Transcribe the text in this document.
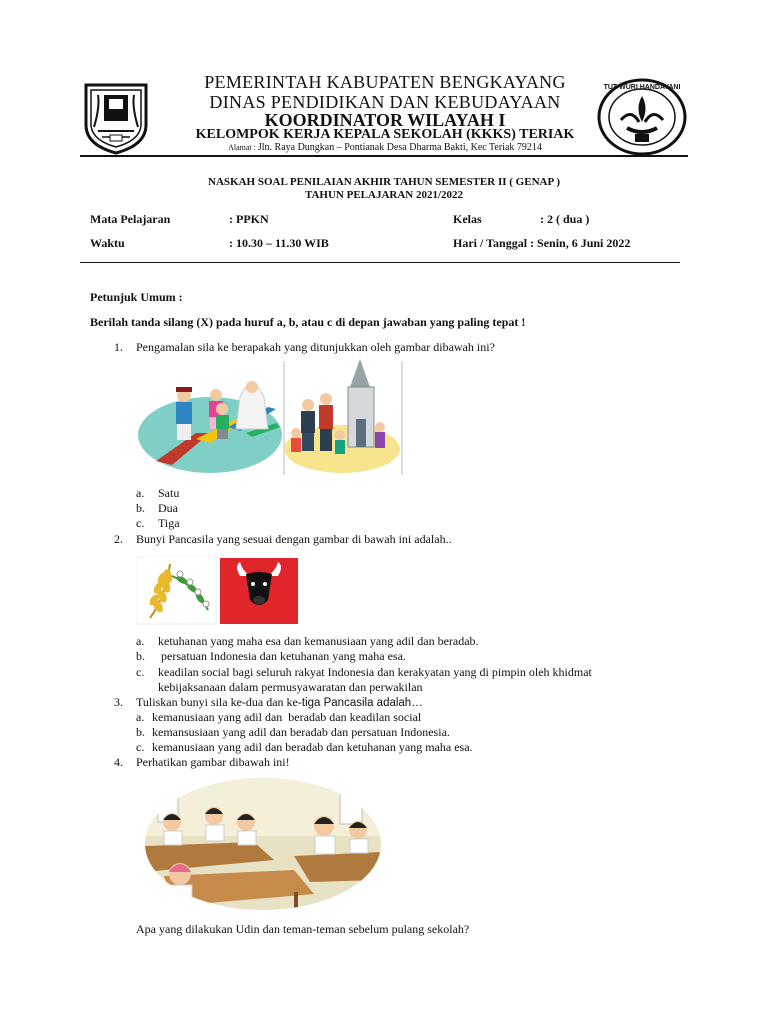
TUT WURI HANDAYANI
PEMERINTAH KABUPATEN BENGKAYANG
DINAS PENDIDIKAN DAN KEBUDAYAAN
KOORDINATOR WILAYAH I
KELOMPOK KERJA KEPALA SEKOLAH (KKKS) TERIAK
Alamat : Jln. Raya Dungkan – Pontianak Desa Dharma Bakti, Kec Teriak 79214
NASKAH SOAL PENILAIAN AKHIR TAHUN SEMESTER II ( GENAP )
TAHUN PELAJARAN 2021/2022
Mata Pelajaran	: PPKN	Kelas	: 2 ( dua )
Waktu	: 10.30 – 11.30 WIB	Hari / Tanggal : Senin, 6 Juni 2022
Petunjuk Umum :
Berilah tanda silang (X) pada huruf a, b, atau c di depan jawaban yang paling tepat !
1. Pengamalan sila ke berapakah yang ditunjukkan oleh gambar dibawah ini?
a. Satu
b. Dua
c. Tiga
2. Bunyi Pancasila yang sesuai dengan gambar di bawah ini adalah..
a. ketuhanan yang maha esa dan kemanusiaan yang adil dan beradab.
b. persatuan Indonesia dan ketuhanan yang maha esa.
c. keadilan social bagi seluruh rakyat Indonesia dan kerakyatan yang di pimpin oleh khidmat
kebijaksanaan dalam permusyawaratan dan perwakilan
3. Tuliskan bunyi sila ke-dua dan ke-tiga Pancasila adalah…
a. kemanusiaan yang adil dan  beradab dan keadilan social
b. kemansusiaan yang adil dan beradab dan persatuan Indonesia.
c. kemanusiaan yang adil dan beradab dan ketuhanan yang maha esa.
4. Perhatikan gambar dibawah ini!
Apa yang dilakukan Udin dan teman-teman sebelum pulang sekolah?
